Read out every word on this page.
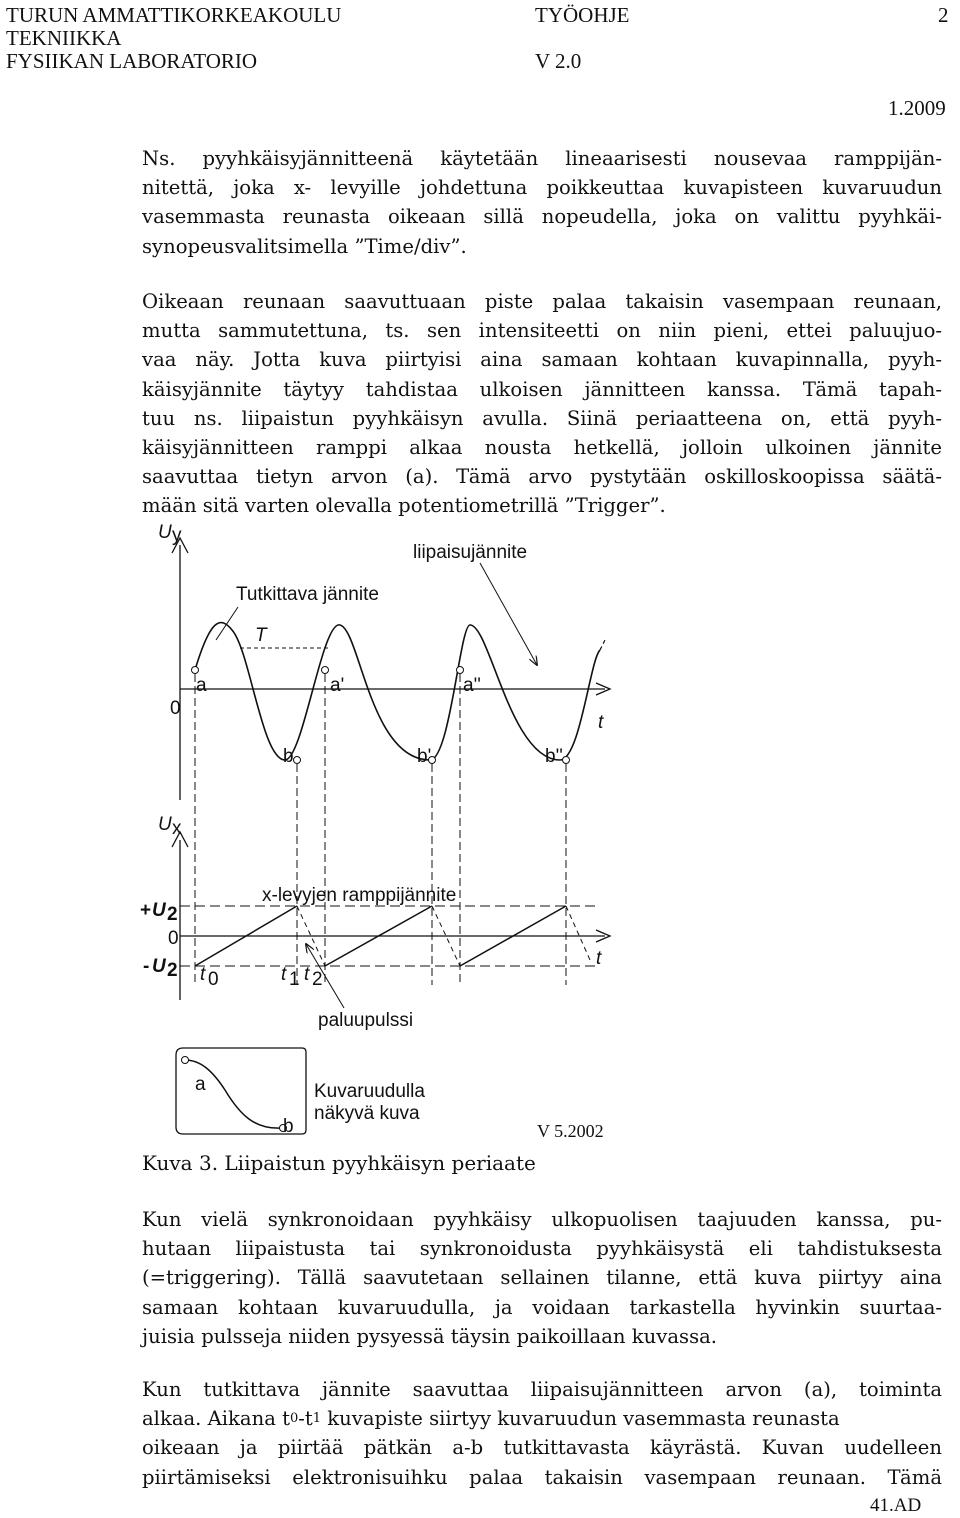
TURUN AMMATTIKORKEAKOULU
TEKNIIKKA
FYSIIKAN LABORATORIO
TYÖOHJE
V 2.0
2
1.2009
Ns. pyyhkäisyjännitteenä käytetään lineaarisesti nousevaa ramppijän-
nitettä, joka x- levyille johdettuna poikkeuttaa kuvapisteen kuvaruudun
vasemmasta reunasta oikeaan sillä nopeudella, joka on valittu pyyhkäi-
synopeusvalitsimella ”Time/div”.
Oikeaan reunaan saavuttuaan piste palaa takaisin vasempaan reunaan,
mutta sammutettuna, ts. sen intensiteetti on niin pieni, ettei paluujuo-
vaa näy. Jotta kuva piirtyisi aina samaan kohtaan kuvapinnalla, pyyh-
käisyjännite täytyy tahdistaa ulkoisen jännitteen kanssa. Tämä tapah-
tuu ns. liipaistun pyyhkäisyn avulla. Siinä periaatteena on, että pyyh-
käisyjännitteen ramppi alkaa nousta hetkellä, jolloin ulkoinen jännite
saavuttaa tietyn arvon (a). Tämä arvo pystytään oskilloskoopissa säätä-
mään sitä varten olevalla potentiometrillä ”Trigger”.
U y
T
a	a'	a''
b	b'	b''
0
t
liipaisujännite
Tutkittava jännite
U x
x-levyjen ramppijännite
+ U 2
0
- U 2 t 0	t 1 t 2
t
paluupulssi
a
b
Kuvaruudulla
näkyvä kuva
V 5.2002
Kuva 3. Liipaistun pyyhkäisyn periaate
Kun vielä synkronoidaan pyyhkäisy ulkopuolisen taajuuden kanssa, pu-
hutaan liipaistusta tai synkronoidusta pyyhkäisystä eli tahdistuksesta
(=triggering). Tällä saavutetaan sellainen tilanne, että kuva piirtyy aina
samaan kohtaan kuvaruudulla, ja voidaan tarkastella hyvinkin suurtaa-
juisia pulsseja niiden pysyessä täysin paikoillaan kuvassa.
Kun tutkittava jännite saavuttaa liipaisujännitteen arvon (a), toiminta
alkaa. Aikana t 0 -t 1 kuvapiste siirtyy kuvaruudun vasemmasta reunasta
oikeaan ja piirtää pätkän a-b tutkittavasta käyrästä. Kuvan uudelleen
piirtämiseksi elektronisuihku palaa takaisin vasempaan reunaan. Tämä
41.AD
